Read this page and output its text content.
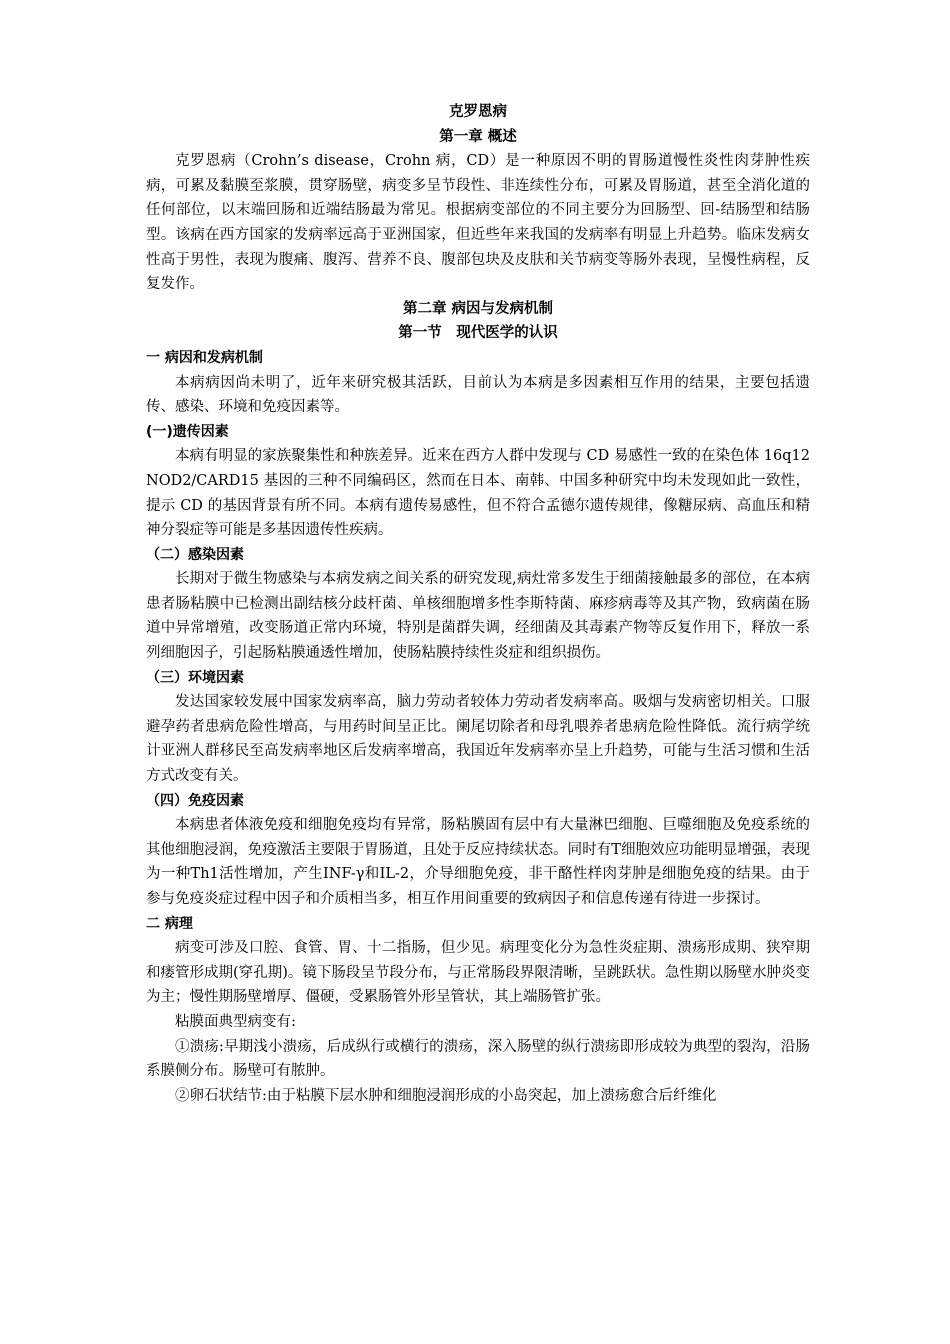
克罗恩病
第一章 概述

克罗恩病（Crohn’s disease，Crohn 病，CD）是一种原因不明的胃肠道慢性炎性肉芽肿性疾病，可累及黏膜至浆膜，贯穿肠壁，病变多呈节段性、非连续性分布，可累及胃肠道，甚至全消化道的任何部位，以末端回肠和近端结肠最为常见。根据病变部位的不同主要分为回肠型、回-结肠型和结肠型。该病在西方国家的发病率远高于亚洲国家，但近些年来我国的发病率有明显上升趋势。临床发病女性高于男性，表现为腹痛、腹泻、营养不良、腹部包块及皮肤和关节病变等肠外表现，呈慢性病程，反复发作。

第二章 病因与发病机制
第一节　现代医学的认识
一 病因和发病机制

本病病因尚未明了，近年来研究极其活跃，目前认为本病是多因素相互作用的结果，主要包括遗传、感染、环境和免疫因素等。

(一)遗传因素

本病有明显的家族聚集性和种族差异。近来在西方人群中发现与 CD 易感性一致的在染色体 16q12 NOD2/CARD15 基因的三种不同编码区，然而在日本、南韩、中国多种研究中均未发现如此一致性，提示 CD 的基因背景有所不同。本病有遗传易感性，但不符合孟德尔遗传规律，像糖尿病、高血压和精神分裂症等可能是多基因遗传性疾病。

（二）感染因素

长期对于微生物感染与本病发病之间关系的研究发现,病灶常多发生于细菌接触最多的部位，在本病患者肠粘膜中已检测出副结核分歧杆菌、单核细胞增多性李斯特菌、麻疹病毒等及其产物，致病菌在肠道中异常增殖，改变肠道正常内环境，特别是菌群失调，经细菌及其毒素产物等反复作用下，释放一系列细胞因子，引起肠粘膜通透性增加，使肠粘膜持续性炎症和组织损伤。

（三）环境因素

发达国家较发展中国家发病率高，脑力劳动者较体力劳动者发病率高。吸烟与发病密切相关。口服避孕药者患病危险性增高，与用药时间呈正比。阑尾切除者和母乳喂养者患病危险性降低。流行病学统计亚洲人群移民至高发病率地区后发病率增高，我国近年发病率亦呈上升趋势，可能与生活习惯和生活方式改变有关。

（四）免疫因素

本病患者体液免疫和细胞免疫均有异常，肠粘膜固有层中有大量淋巴细胞、巨噬细胞及免疫系统的其他细胞浸润，免疫激活主要限于胃肠道，且处于反应持续状态。同时有T细胞效应功能明显增强，表现为一种Th1活性增加，产生INF-γ和IL-2，介导细胞免疫，非干酪性样肉芽肿是细胞免疫的结果。由于参与免疫炎症过程中因子和介质相当多，相互作用间重要的致病因子和信息传递有待进一步探讨。

二 病理

病变可涉及口腔、食管、胃、十二指肠，但少见。病理变化分为急性炎症期、溃疡形成期、狭窄期和瘘管形成期(穿孔期)。镜下肠段呈节段分布，与正常肠段界限清晰，呈跳跃状。急性期以肠壁水肿炎变为主；慢性期肠壁增厚、僵硬，受累肠管外形呈管状，其上端肠管扩张。

粘膜面典型病变有:

①溃疡:早期浅小溃疡，后成纵行或横行的溃疡，深入肠壁的纵行溃疡即形成较为典型的裂沟，沿肠系膜侧分布。肠壁可有脓肿。

②卵石状结节:由于粘膜下层水肿和细胞浸润形成的小岛突起，加上溃疡愈合后纤维化
